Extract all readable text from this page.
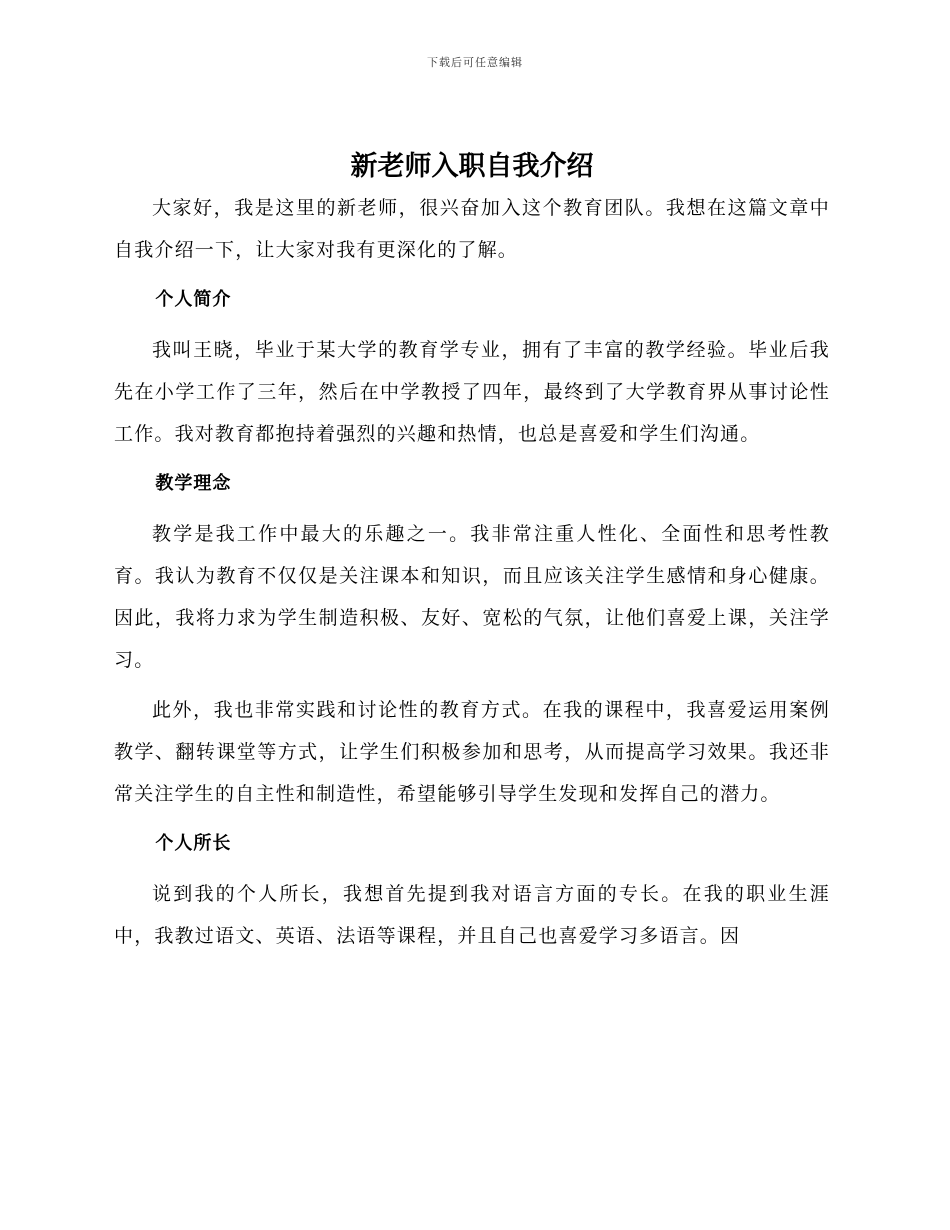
下载后可任意编辑
新老师入职自我介绍

大家好，我是这里的新老师，很兴奋加入这个教育团队。我想在这篇文章中自我介绍一下，让大家对我有更深化的了解。

个人简介

我叫王晓，毕业于某大学的教育学专业，拥有了丰富的教学经验。毕业后我先在小学工作了三年，然后在中学教授了四年，最终到了大学教育界从事讨论性工作。我对教育都抱持着强烈的兴趣和热情，也总是喜爱和学生们沟通。

教学理念

教学是我工作中最大的乐趣之一。我非常注重人性化、全面性和思考性教育。我认为教育不仅仅是关注课本和知识，而且应该关注学生感情和身心健康。因此，我将力求为学生制造积极、友好、宽松的气氛，让他们喜爱上课，关注学习。

此外，我也非常实践和讨论性的教育方式。在我的课程中，我喜爱运用案例教学、翻转课堂等方式，让学生们积极参加和思考，从而提高学习效果。我还非常关注学生的自主性和制造性，希望能够引导学生发现和发挥自己的潜力。

个人所长

说到我的个人所长，我想首先提到我对语言方面的专长。在我的职业生涯中，我教过语文、英语、法语等课程，并且自己也喜爱学习多语言。因
